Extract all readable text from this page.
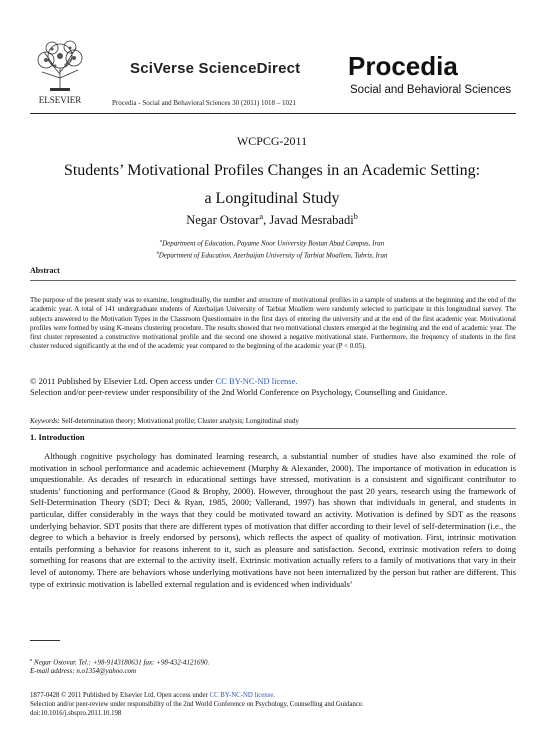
ELSEVIER
SciVerse ScienceDirect
Procedia - Social and Behavioral Sciences 30 (2011) 1018 – 1021
Procedia
Social and Behavioral Sciences
WCPCG-2011
Students’ Motivational Profiles Changes in an Academic Setting:
a Longitudinal Study
Negar Ostovar$^a$, Javad Mesrabadi$^b$
$^a$Department of Education, Payame Noor University Bostan Abad Campus, Iran
$^b$Department of Education, Azerbaijan University of Tarbiat Moallem, Tabriz, Iran
Abstract
The purpose of the present study was to examine, longitudinally, the number and structure of motivational profiles in a sample of students at the beginning and the end of the academic year. A total of 141 undergraduate students of Azerbaijan University of Tarbiat Moallem were randomly selected to participate in this longitudinal survey. The subjects answered to the Motivation Types in the Classroom Questionnaire in the first days of entering the university and at the end of the first academic year. Motivational profiles were formed by using K-means clustering procedure. The results showed that two motivational clusters emerged at the beginning and the end of academic year. The first cluster represented a constructive motivational profile and the second one showed a negative motivational state. Furthermore, the frequency of students in the first cluster reduced significantly at the end of the academic year compared to the beginning of the academic year (P < 0.05).
© 2011 Published by Elsevier Ltd. Open access under CC BY-NC-ND license.
Selection and/or peer-review under responsibility of the 2nd World Conference on Psychology, Counselling and Guidance.
Keywords: Self-determination theory; Motivational profile; Cluster analysis; Longitudinal study
1. Introduction
Although cognitive psychology has dominated learning research, a substantial number of studies have also examined the role of motivation in school performance and academic achievement (Murphy & Alexander, 2000). The importance of motivation in education is unquestionable. As decades of research in educational settings have stressed, motivation is a consistent and significant contributor to students’ functioning and performance (Good & Brophy, 2000). However, throughout the past 20 years, research using the framework of Self-Determination Theory (SDT; Deci & Ryan, 1985, 2000; Vallerand, 1997) has shown that individuals in general, and students in particular, differ considerably in the ways that they could be motivated toward an activity. Motivation is defined by SDT as the reasons underlying behavior. SDT posits that there are different types of motivation that differ according to their level of self-determination (i.e., the degree to which a behavior is freely endorsed by persons), which reflects the aspect of quality of motivation. First, intrinsic motivation entails performing a behavior for reasons inherent to it, such as pleasure and satisfaction. Second, extrinsic motivation refers to doing something for reasons that are external to the activity itself. Extrinsic motivation actually refers to a family of motivations that vary in their level of autonomy. There are behaviors whose underlying motivations have not been internalized by the person but rather are different. This type of extrinsic motivation is labelled external regulation and is evidenced when individuals’
$^a$ Negar Ostovar. Tel.: +98-9143180631 fax: +98-432-4121690.
E-mail address: n.o1354@yahoo.com
1877-0428 © 2011 Published by Elsevier Ltd. Open access under CC BY-NC-ND license.
Selection and/or peer-review under responsibility of the 2nd World Conference on Psychology, Counselling and Guidance.
doi:10.1016/j.sbspro.2011.10.198
